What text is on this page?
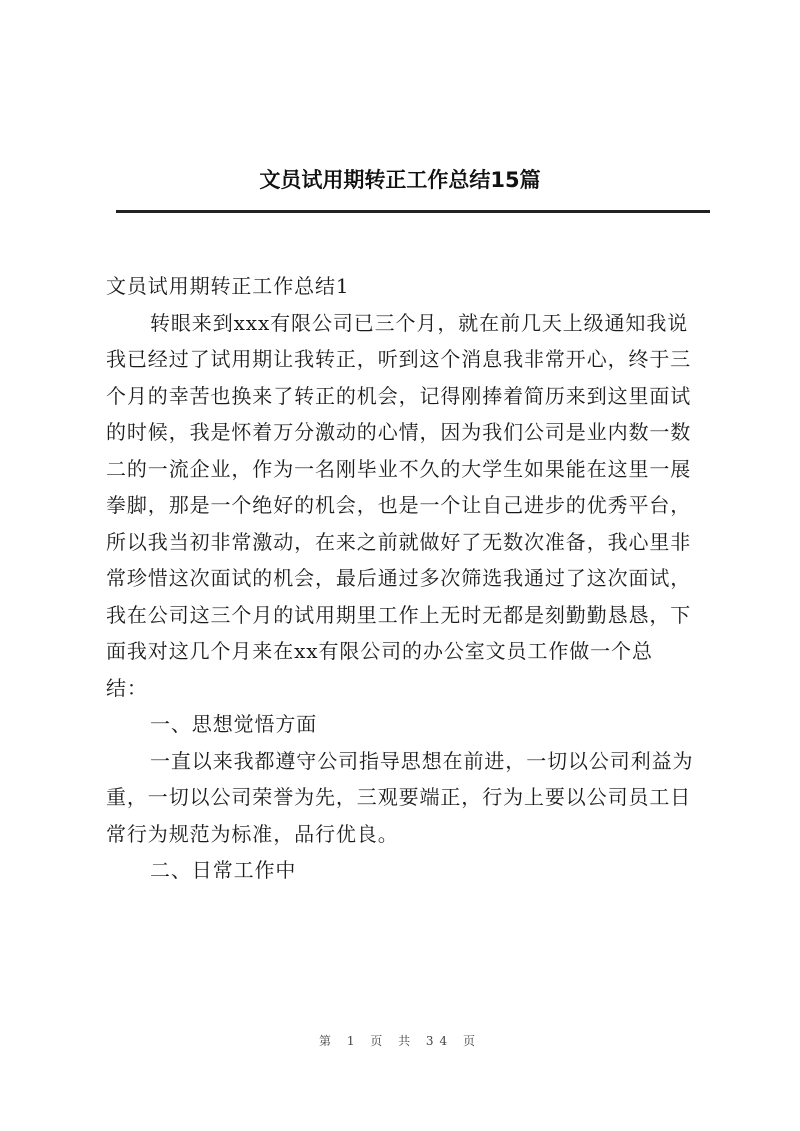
文员试用期转正工作总结15篇
文员试用期转正工作总结1
转眼来到xxx有限公司已三个月，就在前几天上级通知我说
我已经过了试用期让我转正，听到这个消息我非常开心，终于三
个月的幸苦也换来了转正的机会，记得刚捧着简历来到这里面试
的时候，我是怀着万分激动的心情，因为我们公司是业内数一数
二的一流企业，作为一名刚毕业不久的大学生如果能在这里一展
拳脚，那是一个绝好的机会，也是一个让自己进步的优秀平台，
所以我当初非常激动，在来之前就做好了无数次准备，我心里非
常珍惜这次面试的机会，最后通过多次筛选我通过了这次面试，
我在公司这三个月的试用期里工作上无时无都是刻勤勤恳恳，下
面我对这几个月来在xx有限公司的办公室文员工作做一个总
结：
一、思想觉悟方面
一直以来我都遵守公司指导思想在前进，一切以公司利益为
重，一切以公司荣誉为先，三观要端正，行为上要以公司员工日
常行为规范为标准，品行优良。
二、日常工作中
第 1 页 共 34 页
